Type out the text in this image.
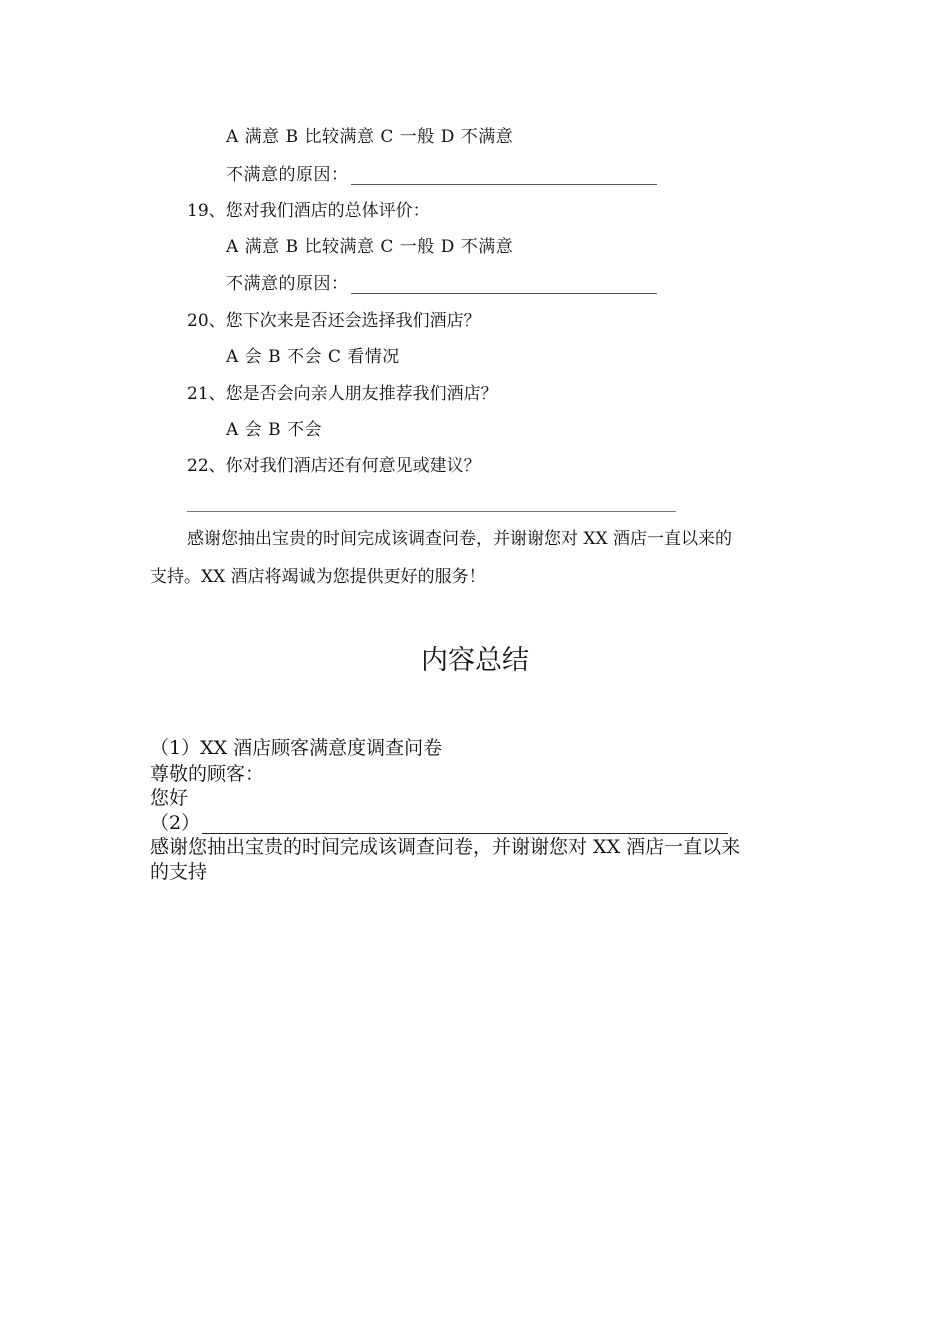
A 满意 B 比较满意 C 一般 D 不满意
不满意的原因：
19、您对我们酒店的总体评价：
A 满意 B 比较满意 C 一般 D 不满意
不满意的原因：
20、您下次来是否还会选择我们酒店？
A 会 B 不会 C 看情况
21、您是否会向亲人朋友推荐我们酒店？
A 会 B 不会
22、你对我们酒店还有何意见或建议？
感谢您抽出宝贵的时间完成该调查问卷，并谢谢您对 XX 酒店一直以来的
支持。XX 酒店将竭诚为您提供更好的服务！
内容总结
（1）XX 酒店顾客满意度调查问卷
尊敬的顾客：
您好
（2）
感谢您抽出宝贵的时间完成该调查问卷，并谢谢您对 XX 酒店一直以来
的支持
